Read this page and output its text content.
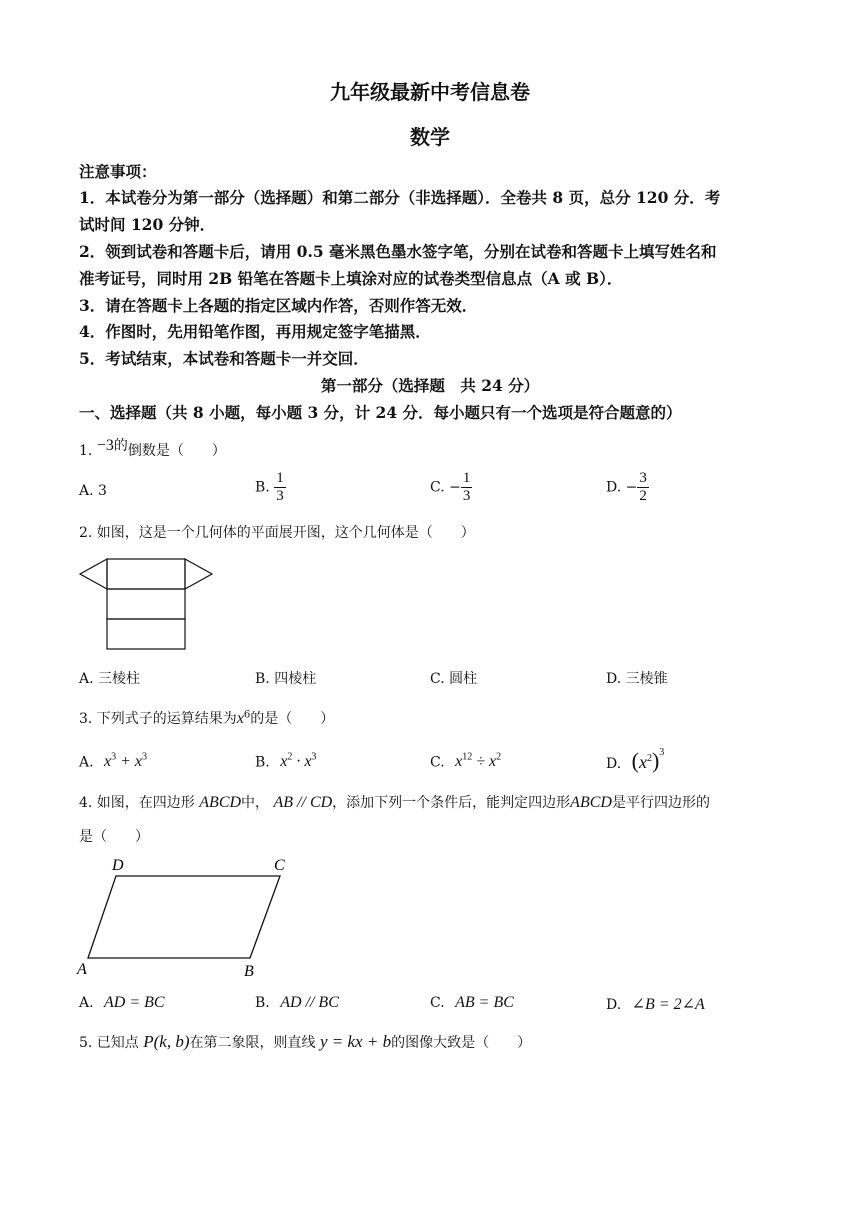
九年级最新中考信息卷
数学
注意事项：
1．本试卷分为第一部分（选择题）和第二部分（非选择题）．全卷共 8 页，总分 120 分．考
试时间 120 分钟．
2．领到试卷和答题卡后，请用 0.5 毫米黑色墨水签字笔，分别在试卷和答题卡上填写姓名和
准考证号，同时用 2B 铅笔在答题卡上填涂对应的试卷类型信息点（A 或 B）．
3．请在答题卡上各题的指定区域内作答，否则作答无效．
4．作图时，先用铅笔作图，再用规定签字笔描黑．
5．考试结束，本试卷和答题卡一并交回．
第一部分（选择题　共 24 分）
一、选择题（共 8 小题，每小题 3 分，计 24 分．每小题只有一个选项是符合题意的）
1. −3的倒数是（　　）
A. 3	B. $\frac{1}{3}$	C. − $\frac{1}{3}$	D. − $\frac{3}{2}$
2. 如图，这是一个几何体的平面展开图，这个几何体是（　　）
A. 三棱柱	B. 四棱柱	C. 圆柱	D. 三棱锥
3. 下列式子的运算结果为$x^6$的是（　　）
A. $x^3 + x^3$	B. $x^2 \cdot x^3$	C. $x^{12} \div x^2$	D. $(x^2)^3$
4. 如图，在四边形 ABCD中， AB // CD，添加下列一个条件后，能判定四边形ABCD是平行四边形的
是（　　）
D	C
A	B
A. AD = BC	B. AD // BC	C. AB = BC	D. ∠B = 2∠A
5. 已知点 P(k, b)在第二象限，则直线 y = kx + b的图像大致是（　　）
